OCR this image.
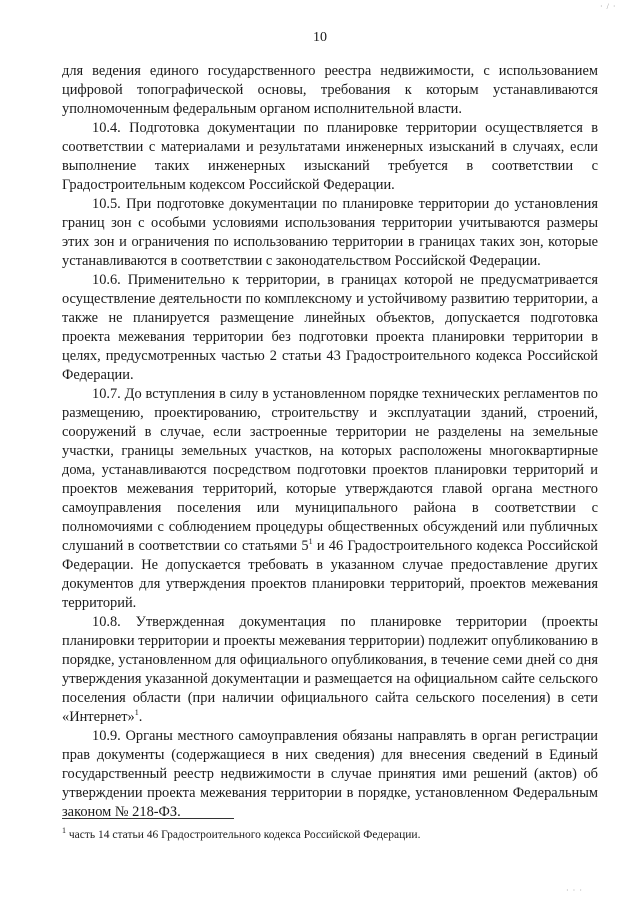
· / ·
10

для ведения единого государственного реестра недвижимости, с использованием цифровой топографической основы, требования к которым устанавливаются уполномоченным федеральным органом исполнительной власти.

10.4. Подготовка документации по планировке территории осуществляется в соответствии с материалами и результатами инженерных изысканий в случаях, если выполнение таких инженерных изысканий требуется в соответствии с Градостроительным кодексом Российской Федерации.

10.5. При подготовке документации по планировке территории до установления границ зон с особыми условиями использования территории учитываются размеры этих зон и ограничения по использованию территории в границах таких зон, которые устанавливаются в соответствии с законодательством Российской Федерации.

10.6. Применительно к территории, в границах которой не предусматривается осуществление деятельности по комплексному и устойчивому развитию территории, а также не планируется размещение линейных объектов, допускается подготовка проекта межевания территории без подготовки проекта планировки территории в целях, предусмотренных частью 2 статьи 43 Градостроительного кодекса Российской Федерации.

10.7. До вступления в силу в установленном порядке технических регламентов по размещению, проектированию, строительству и эксплуатации зданий, строений, сооружений в случае, если застроенные территории не разделены на земельные участки, границы земельных участков, на которых расположены многоквартирные дома, устанавливаются посредством подготовки проектов планировки территорий и проектов межевания территорий, которые утверждаются главой органа местного самоуправления поселения или муниципального района в соответствии с полномочиями с соблюдением процедуры общественных обсуждений или публичных слушаний в соответствии со статьями $5^1$ и 46 Градостроительного кодекса Российской Федерации. Не допускается требовать в указанном случае предоставление других документов для утверждения проектов планировки территорий, проектов межевания территорий.

10.8. Утвержденная документация по планировке территории (проекты планировки территории и проекты межевания территории) подлежит опубликованию в порядке, установленном для официального опубликования, в течение семи дней со дня утверждения указанной документации и размещается на официальном сайте сельского поселения области (при наличии официального сайта сельского поселения) в сети «Интернет»$^1$.

10.9. Органы местного самоуправления обязаны направлять в орган регистрации прав документы (содержащиеся в них сведения) для внесения сведений в Единый государственный реестр недвижимости в случае принятия ими решений (актов) об утверждении проекта межевания территории в порядке, установленном Федеральным законом № 218-ФЗ.

$^1$ часть 14 статьи 46 Градостроительного кодекса Российской Федерации.
· · ·
